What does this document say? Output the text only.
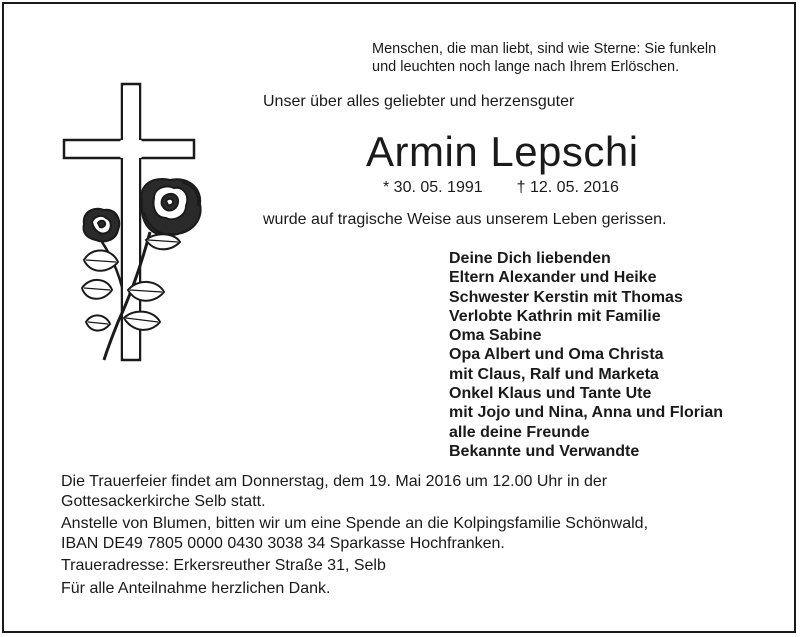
Menschen, die man liebt, sind wie Sterne: Sie funkeln
und leuchten noch lange nach Ihrem Erlöschen.
Unser über alles geliebter und herzensguter
Armin Lepschi
* 30. 05. 1991 † 12. 05. 2016
wurde auf tragische Weise aus unserem Leben gerissen.
Deine Dich liebenden
Eltern Alexander und Heike
Schwester Kerstin mit Thomas
Verlobte Kathrin mit Familie
Oma Sabine
Opa Albert und Oma Christa
mit Claus, Ralf und Marketa
Onkel Klaus und Tante Ute
mit Jojo und Nina, Anna und Florian
alle deine Freunde
Bekannte und Verwandte

Die Trauerfeier findet am Donnerstag, dem 19. Mai 2016 um 12.00 Uhr in der

Gottesackerkirche Selb statt.

Anstelle von Blumen, bitten wir um eine Spende an die Kolpingsfamilie Schönwald,

IBAN DE49 7805 0000 0430 3038 34 Sparkasse Hochfranken.

Traueradresse: Erkersreuther Straße 31, Selb

Für alle Anteilnahme herzlichen Dank.
